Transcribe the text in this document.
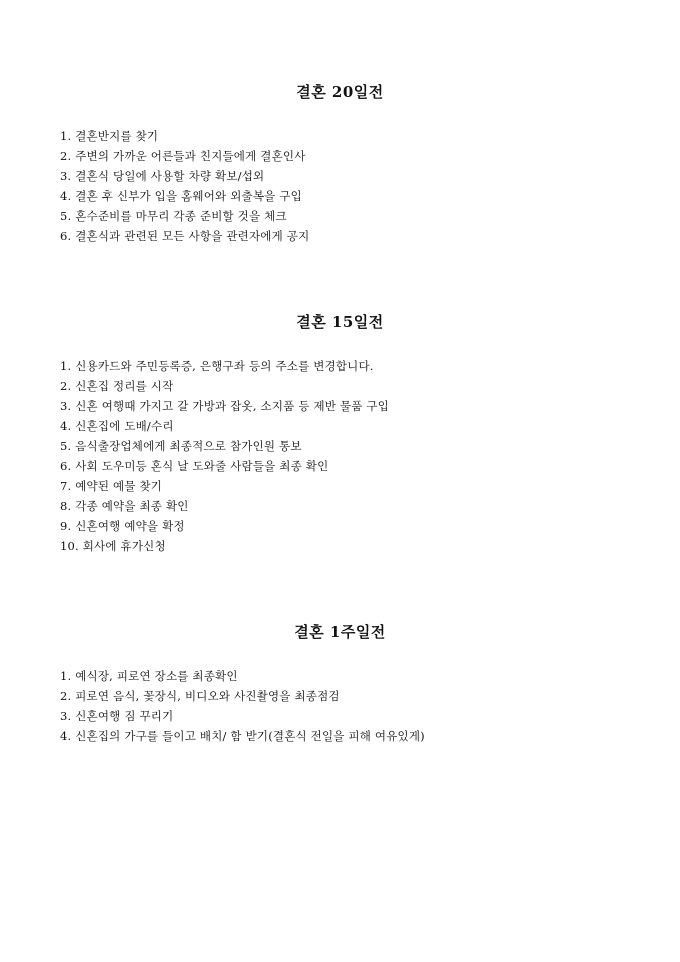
결혼 20일전
1. 결혼반지를 찾기
2. 주변의 가까운 어른들과 친지들에게 결혼인사
3. 결혼식 당일에 사용할 차량 확보/섭외
4. 결혼 후 신부가 입을 홈웨어와 외출복을 구입
5. 혼수준비를 마무리 각종 준비할 것을 체크
6. 결혼식과 관련된 모든 사항을 관련자에게 공지
결혼 15일전
1. 신용카드와 주민등록증, 은행구좌 등의 주소를 변경합니다.
2. 신혼집 정리를 시작
3. 신혼 여행때 가지고 갈 가방과 잡옷, 소지품 등 제반 물품 구입
4. 신혼집에 도배/수리
5. 음식출장업체에게 최종적으로 참가인원 통보
6. 사회 도우미등 혼식 날 도와줄 사람들을 최종 확인
7. 예약된 예물 찾기
8. 각종 예약을 최종 확인
9. 신혼여행 예약을 확정
10. 회사에 휴가신청
결혼 1주일전
1. 예식장, 피로연 장소를 최종확인
2. 피로연 음식, 꽃장식, 비디오와 사진촬영을 최종점검
3. 신혼여행 짐 꾸리기
4. 신혼집의 가구를 들이고 배치/ 함 받기(결혼식 전일을 피해 여유있게)
